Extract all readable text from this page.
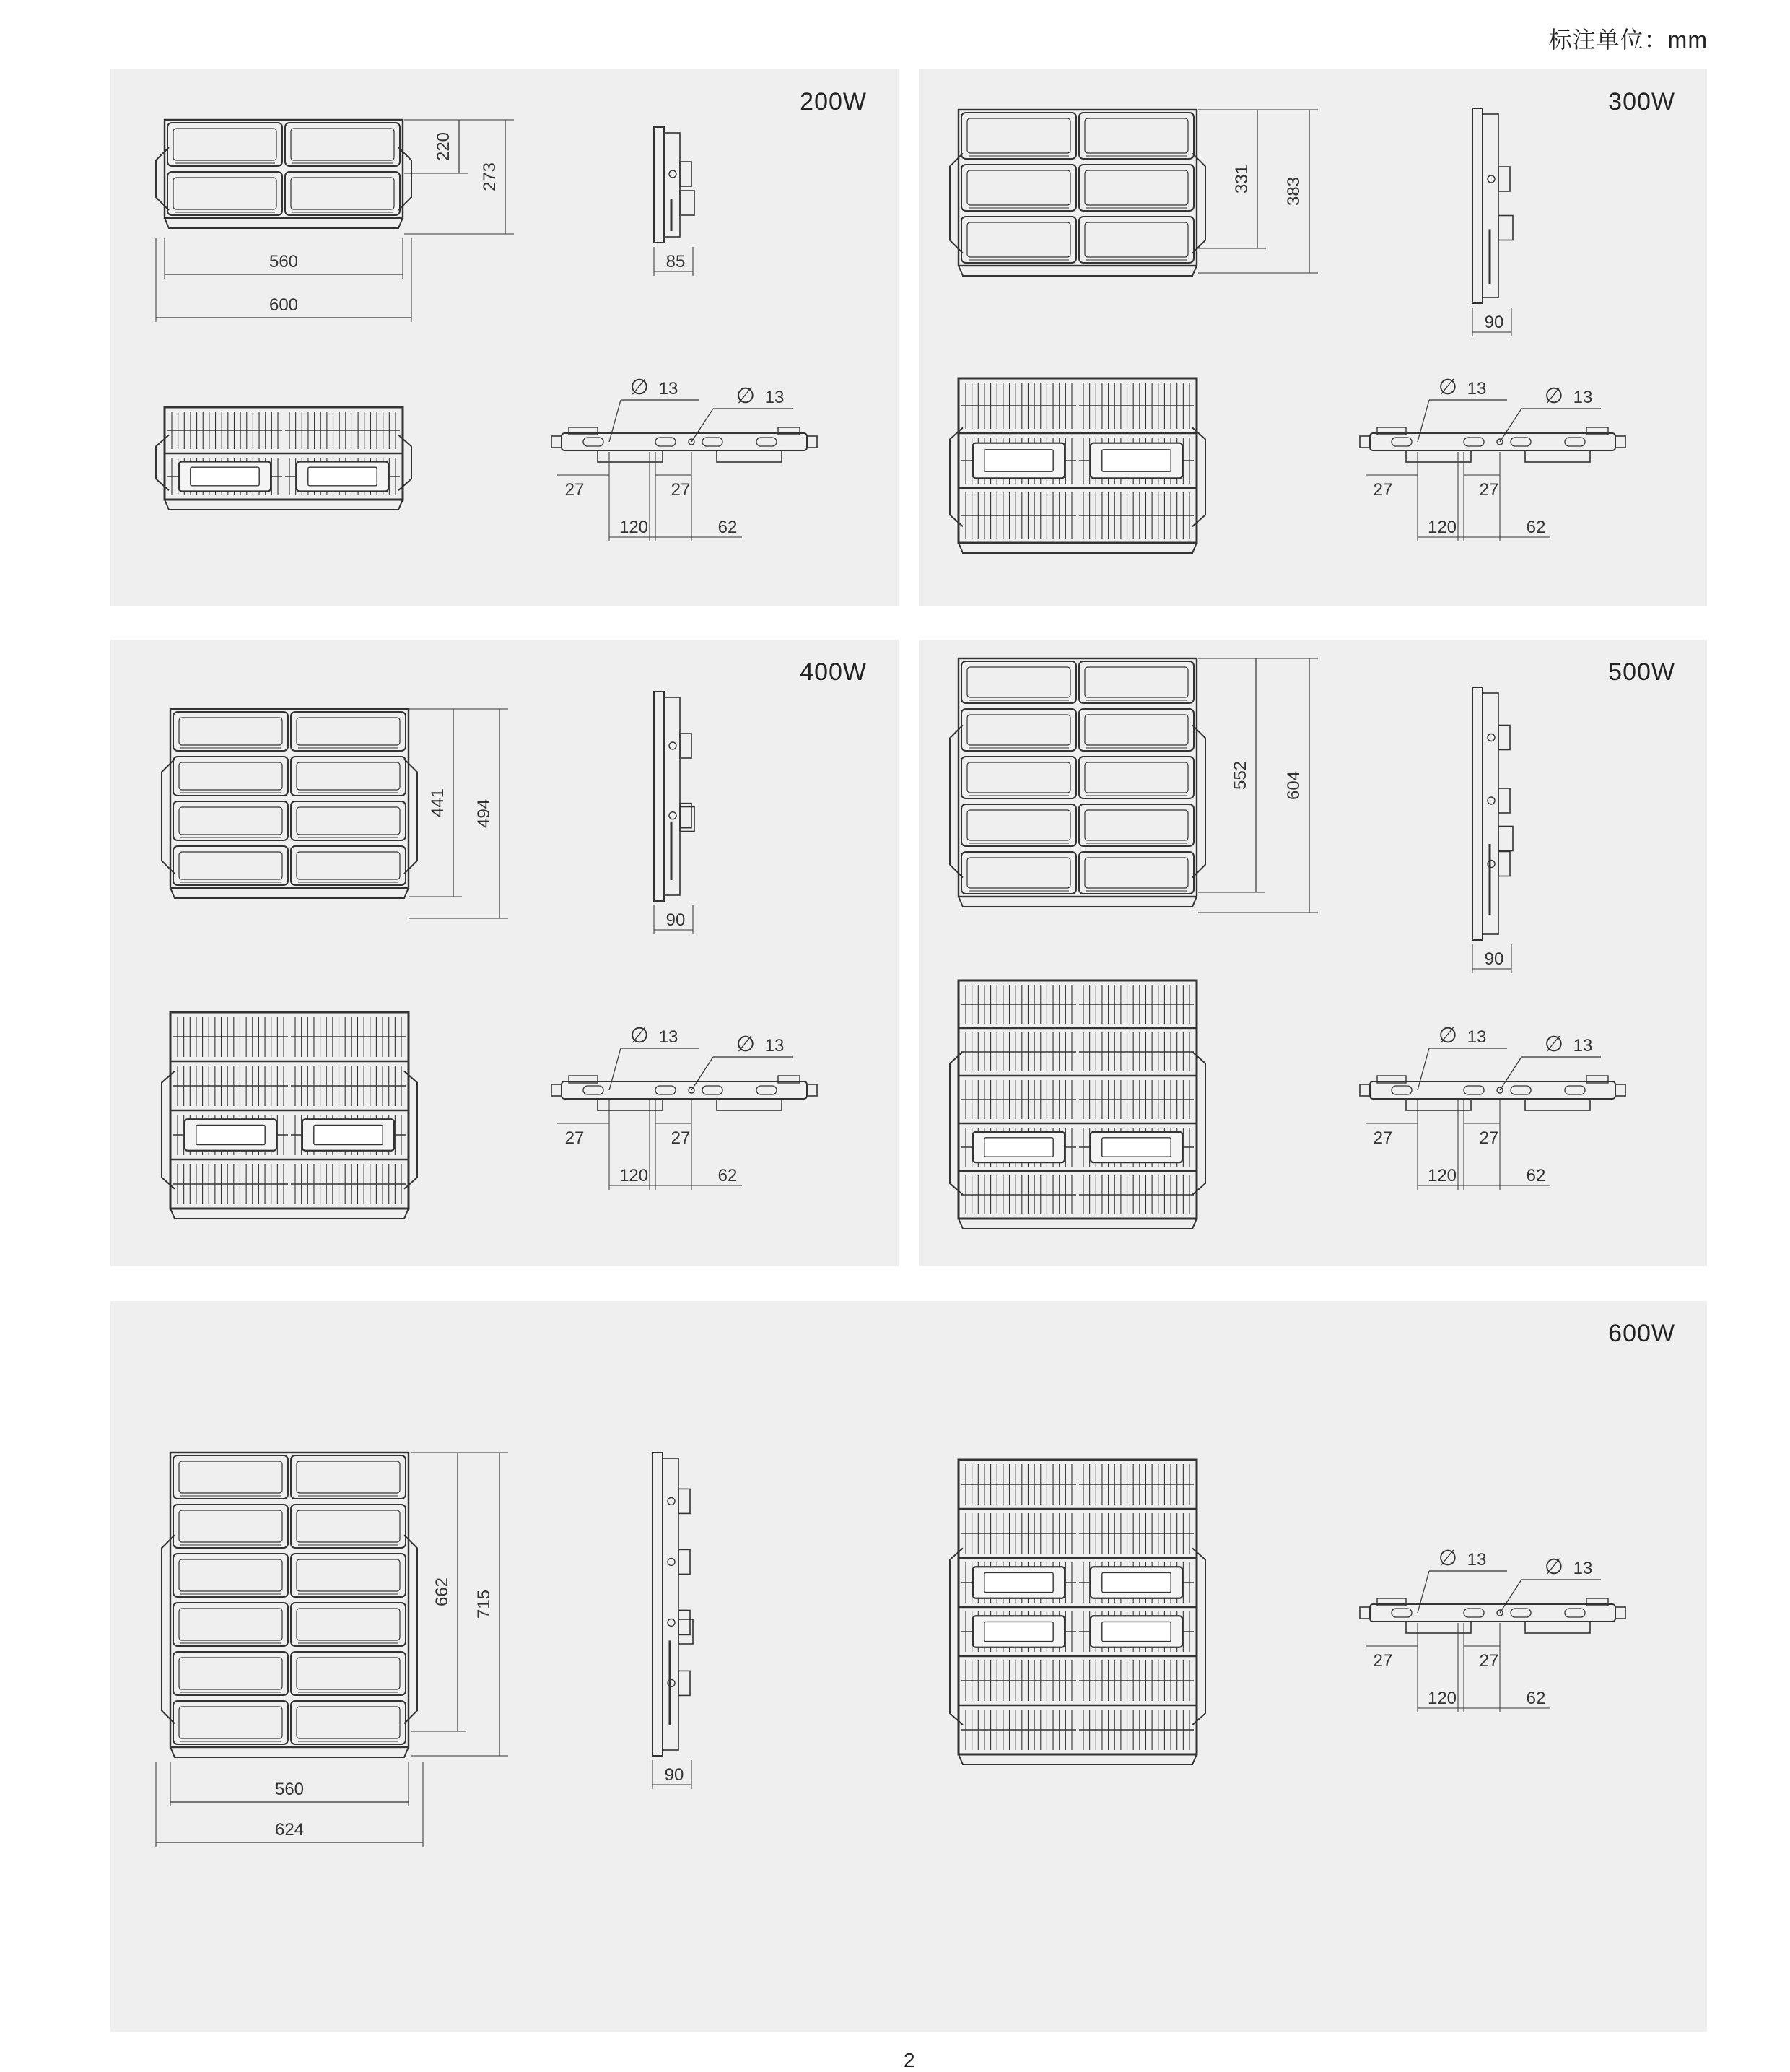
标注单位：mm
200W	300W
400W	500W
600W
220
273
560
600
85
∅ 13	∅ 13
27	27
120	62
331 383
90
∅ 13	∅ 13
27	27
120	62
441 494
90
∅ 13	∅ 13
27	27
120	62
552 604
90
∅ 13	∅ 13
27	27
120	62
662 715
560
624
90
∅ 13	∅ 13
27	27
120	62
2
